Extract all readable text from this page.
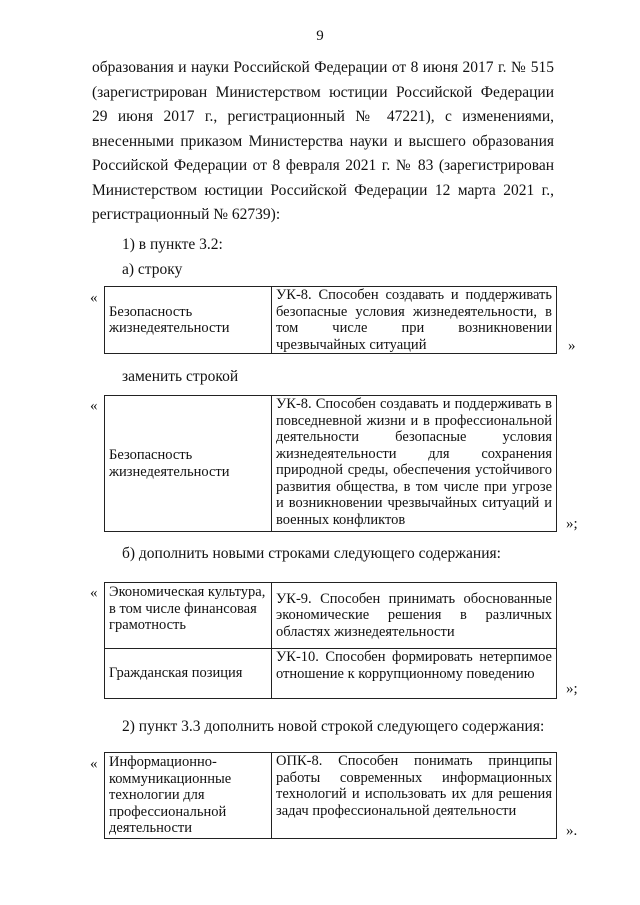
9
образования и науки Российской Федерации от 8 июня 2017 г. № 515 (зарегистрирован Министерством юстиции Российской Федерации 29 июня 2017 г., регистрационный № 47221), с изменениями, внесенными приказом Министерства науки и высшего образования Российской Федерации от 8 февраля 2021 г. № 83 (зарегистрирован Министерством юстиции Российской Федерации 12 марта 2021 г., регистрационный № 62739):
1) в пункте 3.2:
а) строку
«
Безопасность жизнедеятельности	УК-8. Способен создавать и поддерживать безопасные условия жизнедеятельности, в том числе при возникновении чрезвычайных ситуаций	»
заменить строкой
«
Безопасность жизнедеятельности	УК-8. Способен создавать и поддерживать в повседневной жизни и в профессиональной деятельности безопасные условия жизнедеятельности для сохранения природной среды, обеспечения устойчивого развития общества, в том числе при угрозе и возникновении чрезвычайных ситуаций и военных конфликтов	»;
б) дополнить новыми строками следующего содержания:
« Экономическая культура, в том числе финансовая грамотность	УК-9. Способен принимать обоснованные экономические решения в различных областях жизнедеятельности
Гражданская позиция	УК-10. Способен формировать нетерпимое отношение к коррупционному поведению
»;
2) пункт 3.3 дополнить новой строкой следующего содержания:
« Информационно-коммуникационные технологии для профессиональной деятельности	ОПК-8. Способен понимать принципы работы современных информационных технологий и использовать их для решения задач профессиональной деятельности
».
